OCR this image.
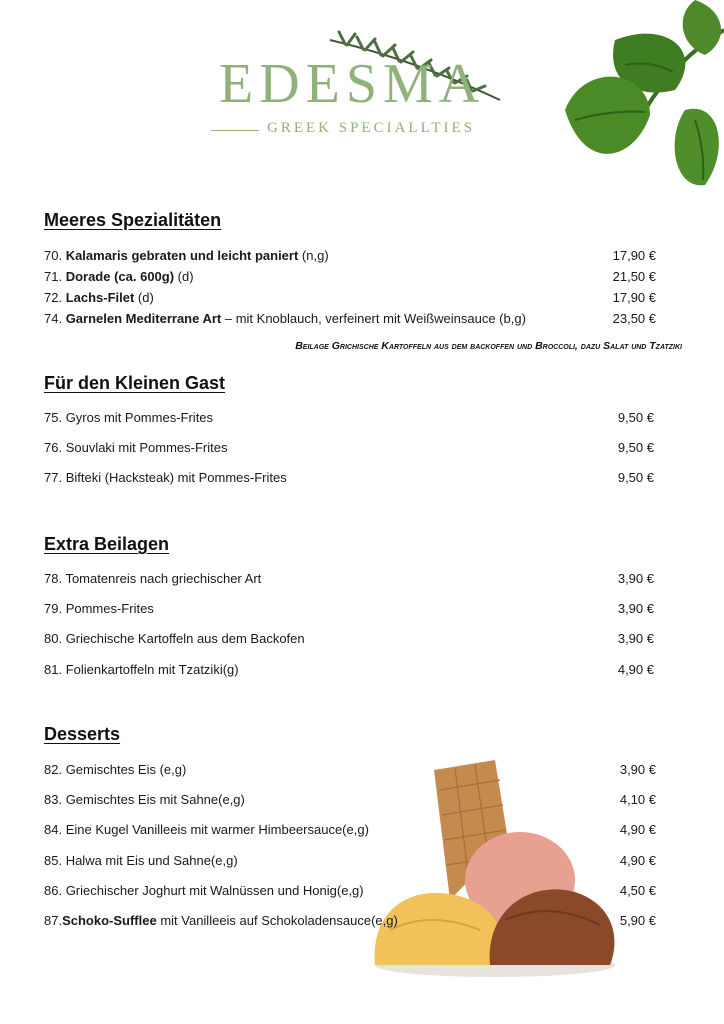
EDESMA
GREEK SPECIALLTIES
Meeres Spezialitäten
70. Kalamaris gebraten und leicht paniert (n,g)	17,90 €
71. Dorade (ca. 600g) (d)	21,50 €
72. Lachs-Filet (d)	17,90 €
74. Garnelen Mediterrane Art – mit Knoblauch, verfeinert mit Weißweinsauce (b,g)	23,50 €
Beilage Grichische Kartoffeln aus dem backoffen und Broccoli, dazu Salat und Tzatziki
Für den Kleinen Gast
75. Gyros mit Pommes-Frites	9,50 €
76. Souvlaki mit Pommes-Frites	9,50 €
77. Bifteki (Hacksteak) mit Pommes-Frites	9,50 €
Extra Beilagen
78. Tomatenreis nach griechischer Art	3,90 €
79. Pommes-Frites	3,90 €
80. Griechische Kartoffeln aus dem Backofen	3,90 €
81. Folienkartoffeln mit Tzatziki(g)	4,90 €
Desserts
82. Gemischtes Eis (e,g)	3,90 €
83. Gemischtes Eis mit Sahne(e,g)	4,10 €
84. Eine Kugel Vanilleeis mit warmer Himbeersauce(e,g)	4,90 €
85. Halwa mit Eis und Sahne(e,g)	4,90 €
86. Griechischer Joghurt mit Walnüssen und Honig(e,g)	4,50 €
87.Schoko-Sufflee mit Vanilleeis auf Schokoladensauce(e,g)	5,90 €
